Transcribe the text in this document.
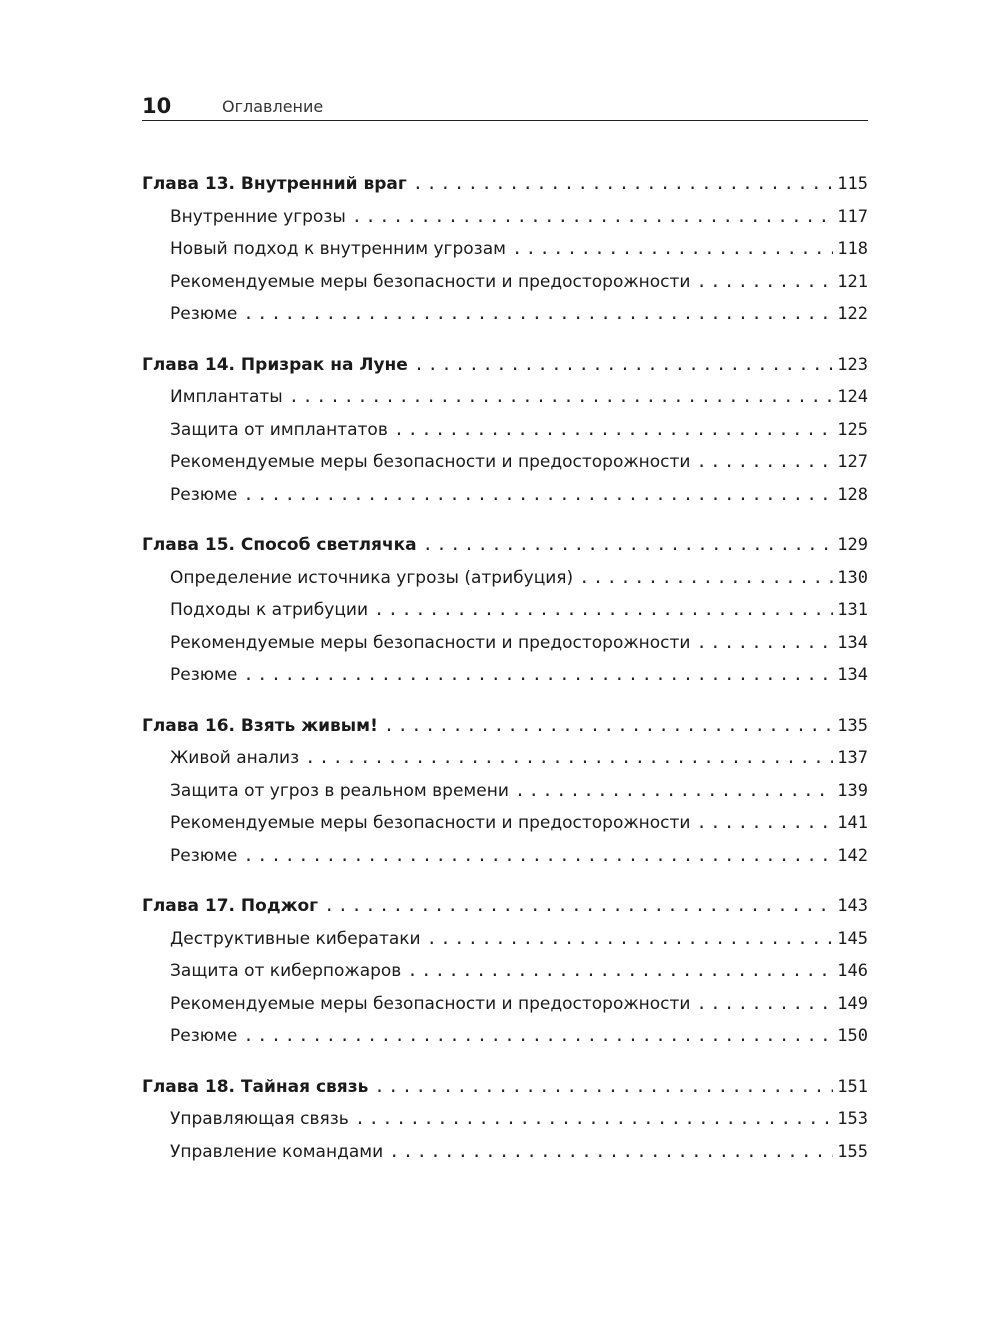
10	Оглавление
Глава 13. Внутренний враг .....	115
Внутренние угрозы .....	117
Новый подход к внутренним угрозам .....	118
Рекомендуемые меры безопасности и предосторожности .....	121
Резюме .....	122
Глава 14. Призрак на Луне .....	123
Имплантаты .....	124
Защита от имплантатов .....	125
Рекомендуемые меры безопасности и предосторожности .....	127
Резюме .....	128
Глава 15. Способ светлячка .....	129
Определение источника угрозы (атрибуция) .....	130
Подходы к атрибуции .....	131
Рекомендуемые меры безопасности и предосторожности .....	134
Резюме .....	134
Глава 16. Взять живым! .....	135
Живой анализ .....	137
Защита от угроз в реальном времени .....	139
Рекомендуемые меры безопасности и предосторожности .....	141
Резюме .....	142
Глава 17. Поджог .....	143
Деструктивные кибератаки .....	145
Защита от киберпожаров .....	146
Рекомендуемые меры безопасности и предосторожности .....	149
Резюме .....	150
Глава 18. Тайная связь .....	151
Управляющая связь .....	153
Управление командами .....	155
